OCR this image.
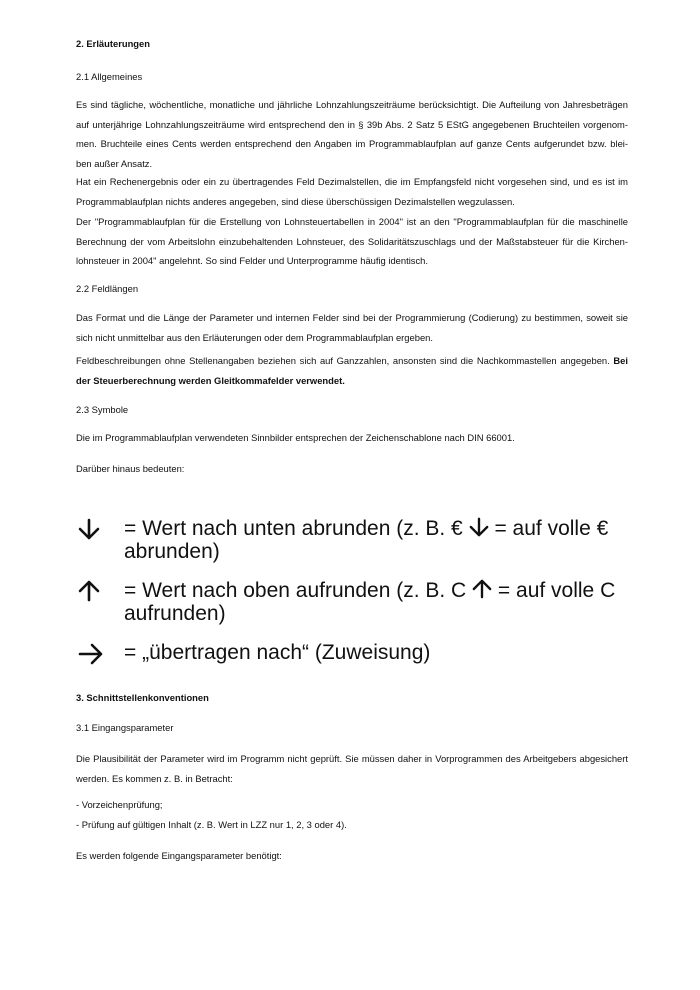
2. Erläuterungen
2.1 Allgemeines
Es sind tägliche, wöchentliche, monatliche und jährliche Lohnzahlungszeiträume berücksichtigt. Die Aufteilung von Jahresbeträgen
auf unterjährige Lohnzahlungszeiträume wird entsprechend den in § 39b Abs. 2 Satz 5 EStG angegebenen Bruchteilen vorgenom-
men. Bruchteile eines Cents werden entsprechend den Angaben im Programmablaufplan auf ganze Cents aufgerundet bzw. blei-
ben außer Ansatz.
Hat ein Rechenergebnis oder ein zu übertragendes Feld Dezimalstellen, die im Empfangsfeld nicht vorgesehen sind, und es ist im
Programmablaufplan nichts anderes angegeben, sind diese überschüssigen Dezimalstellen wegzulassen.
Der "Programmablaufplan für die Erstellung von Lohnsteuertabellen in 2004" ist an den "Programmablaufplan für die maschinelle
Berechnung der vom Arbeitslohn einzubehaltenden Lohnsteuer, des Solidaritätszuschlags und der Maßstabsteuer für die Kirchen-
lohnsteuer in 2004" angelehnt. So sind Felder und Unterprogramme häufig identisch.
2.2 Feldlängen
Das Format und die Länge der Parameter und internen Felder sind bei der Programmierung (Codierung) zu bestimmen, soweit sie
sich nicht unmittelbar aus den Erläuterungen oder dem Programmablaufplan ergeben.
Feldbeschreibungen ohne Stellenangaben beziehen sich auf Ganzzahlen, ansonsten sind die Nachkommastellen angegeben. Bei
der Steuerberechnung werden Gleitkommafelder verwendet.
2.3 Symbole
Die im Programmablaufplan verwendeten Sinnbilder entsprechen der Zeichenschablone nach DIN 66001.
Darüber hinaus bedeuten:
= Wert nach unten abrunden (z. B. € = auf volle €
abrunden)
= Wert nach oben aufrunden (z. B. C = auf volle C
aufrunden)
= „übertragen nach“ (Zuweisung)
3. Schnittstellenkonventionen
3.1 Eingangsparameter
Die Plausibilität der Parameter wird im Programm nicht geprüft. Sie müssen daher in Vorprogrammen des Arbeitgebers abgesichert
werden. Es kommen z. B. in Betracht:
- Vorzeichenprüfung;
- Prüfung auf gültigen Inhalt (z. B. Wert in LZZ nur 1, 2, 3 oder 4).
Es werden folgende Eingangsparameter benötigt:
